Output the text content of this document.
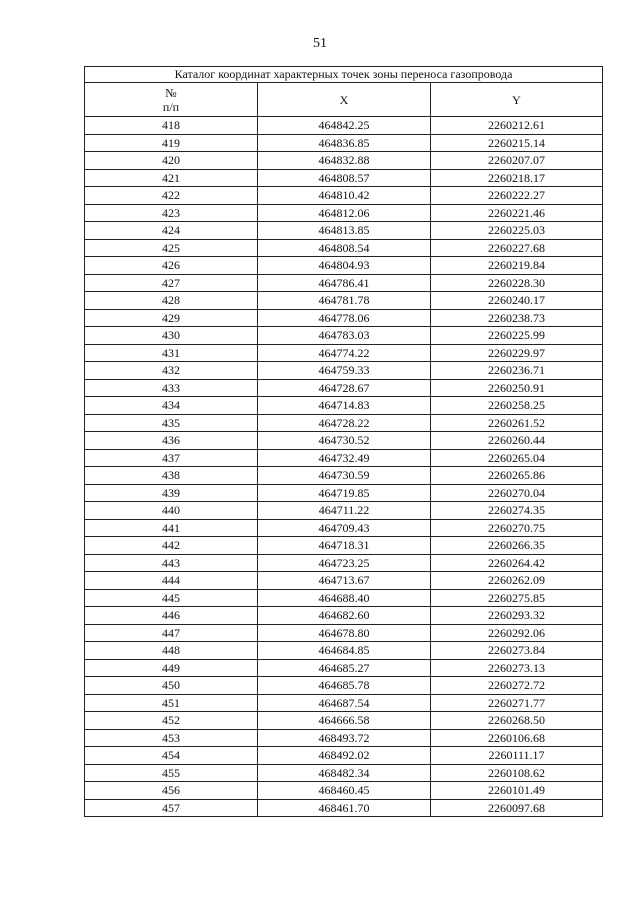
51
Каталог координат характерных точек зоны переноса газопровода		

№
п/п	X	Y
418	464842.25	2260212.61
419	464836.85	2260215.14
420	464832.88	2260207.07
421	464808.57	2260218.17
422	464810.42	2260222.27
423	464812.06	2260221.46
424	464813.85	2260225.03
425	464808.54	2260227.68
426	464804.93	2260219.84
427	464786.41	2260228.30
428	464781.78	2260240.17
429	464778.06	2260238.73
430	464783.03	2260225.99
431	464774.22	2260229.97
432	464759.33	2260236.71
433	464728.67	2260250.91
434	464714.83	2260258.25
435	464728.22	2260261.52
436	464730.52	2260260.44
437	464732.49	2260265.04
438	464730.59	2260265.86
439	464719.85	2260270.04
440	464711.22	2260274.35
441	464709.43	2260270.75
442	464718.31	2260266.35
443	464723.25	2260264.42
444	464713.67	2260262.09
445	464688.40	2260275.85
446	464682.60	2260293.32
447	464678.80	2260292.06
448	464684.85	2260273.84
449	464685.27	2260273.13
450	464685.78	2260272.72
451	464687.54	2260271.77
452	464666.58	2260268.50
453	468493.72	2260106.68
454	468492.02	2260111.17
455	468482.34	2260108.62
456	468460.45	2260101.49
457	468461.70	2260097.68
